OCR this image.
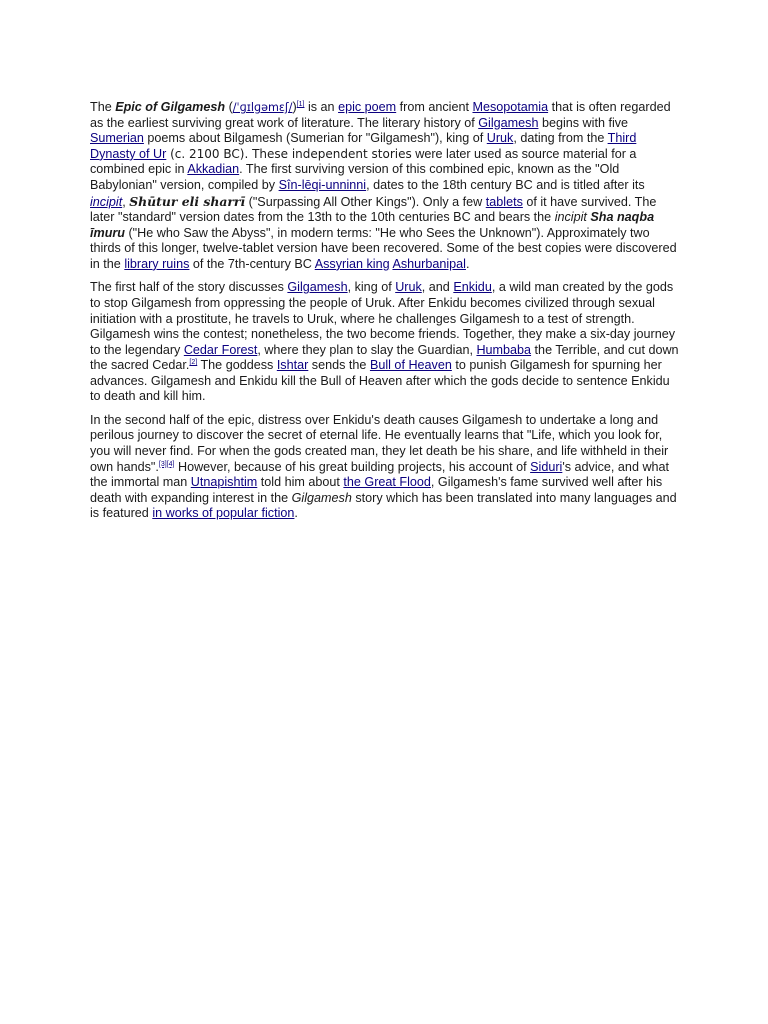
The Epic of Gilgamesh (/ˈɡɪlɡəmɛʃ/)[1] is an epic poem from ancient Mesopotamia that is often regarded as the earliest surviving great work of literature. The literary history of Gilgamesh begins with five Sumerian poems about Bilgamesh (Sumerian for "Gilgamesh"), king of Uruk, dating from the Third Dynasty of Ur (c. 2100 BC). These independent stories were later used as source material for a combined epic in Akkadian. The first surviving version of this combined epic, known as the "Old Babylonian" version, compiled by Sîn-lēqi-unninni, dates to the 18th century BC and is titled after its incipit, Shūtur eli sharrī ("Surpassing All Other Kings"). Only a few tablets of it have survived. The later "standard" version dates from the 13th to the 10th centuries BC and bears the incipit Sha naqba īmuru ("He who Saw the Abyss", in modern terms: "He who Sees the Unknown"). Approximately two thirds of this longer, twelve-tablet version have been recovered. Some of the best copies were discovered in the library ruins of the 7th-century BC Assyrian king Ashurbanipal.

The first half of the story discusses Gilgamesh, king of Uruk, and Enkidu, a wild man created by the gods to stop Gilgamesh from oppressing the people of Uruk. After Enkidu becomes civilized through sexual initiation with a prostitute, he travels to Uruk, where he challenges Gilgamesh to a test of strength. Gilgamesh wins the contest; nonetheless, the two become friends. Together, they make a six-day journey to the legendary Cedar Forest, where they plan to slay the Guardian, Humbaba the Terrible, and cut down the sacred Cedar.[2] The goddess Ishtar sends the Bull of Heaven to punish Gilgamesh for spurning her advances. Gilgamesh and Enkidu kill the Bull of Heaven after which the gods decide to sentence Enkidu to death and kill him.

In the second half of the epic, distress over Enkidu's death causes Gilgamesh to undertake a long and perilous journey to discover the secret of eternal life. He eventually learns that "Life, which you look for, you will never find. For when the gods created man, they let death be his share, and life withheld in their own hands".[3][4] However, because of his great building projects, his account of Siduri's advice, and what the immortal man Utnapishtim told him about the Great Flood, Gilgamesh's fame survived well after his death with expanding interest in the Gilgamesh story which has been translated into many languages and is featured in works of popular fiction.
